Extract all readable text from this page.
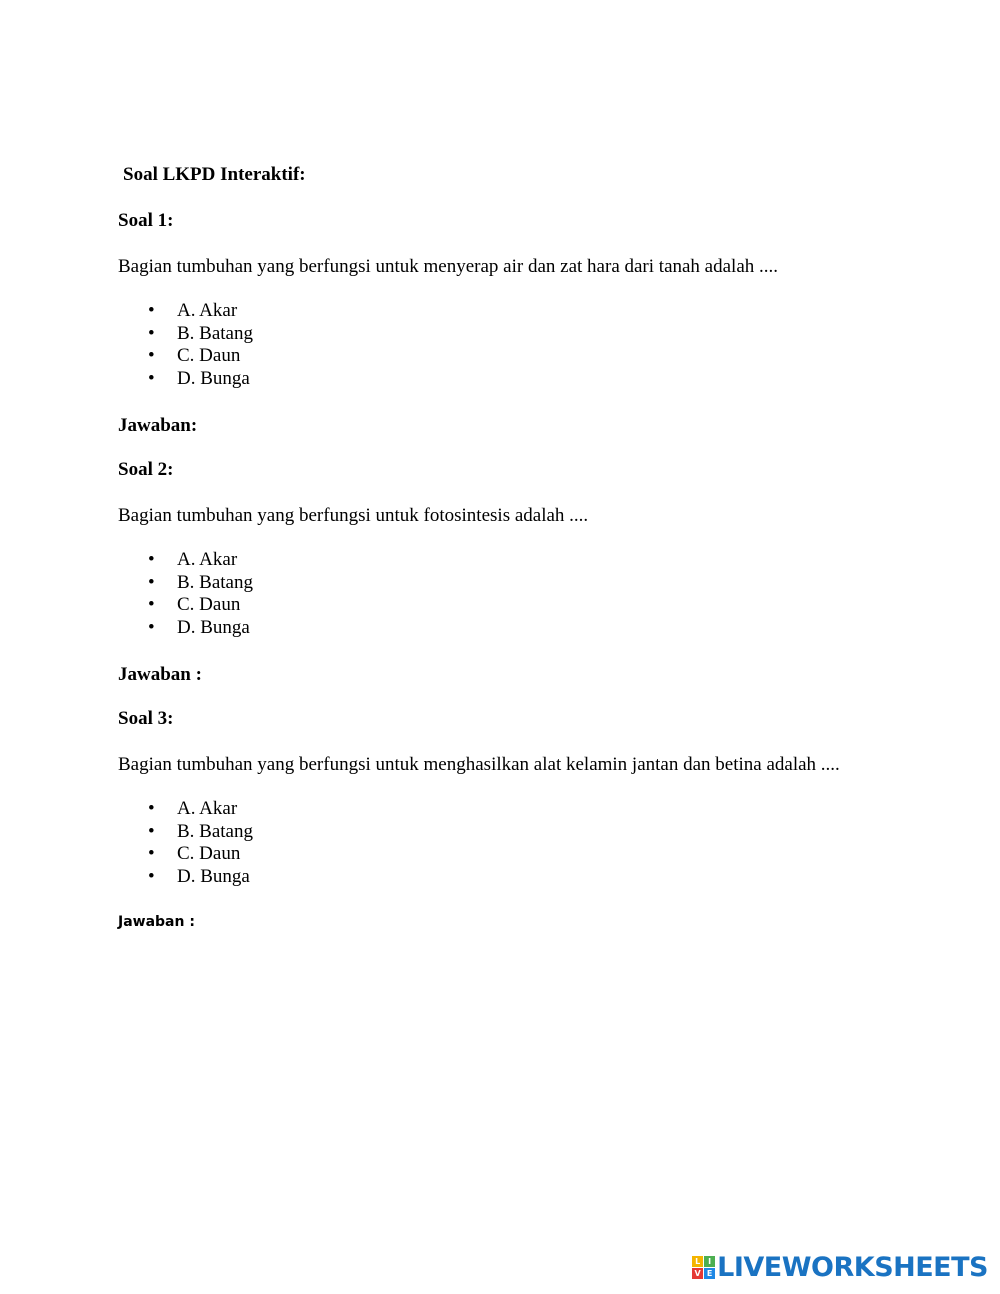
Soal LKPD Interaktif:

Soal 1:

Bagian tumbuhan yang berfungsi untuk menyerap air dan zat hara dari tanah adalah ....

• A. Akar
• B. Batang
• C. Daun
• D. Bunga

Jawaban:

Soal 2:

Bagian tumbuhan yang berfungsi untuk fotosintesis adalah ....

• A. Akar
• B. Batang
• C. Daun
• D. Bunga

Jawaban :

Soal 3:

Bagian tumbuhan yang berfungsi untuk menghasilkan alat kelamin jantan dan betina adalah ....

• A. Akar
• B. Batang
• C. Daun
• D. Bunga

Jawaban :

L I
V E LIVEWORKSHEETS
